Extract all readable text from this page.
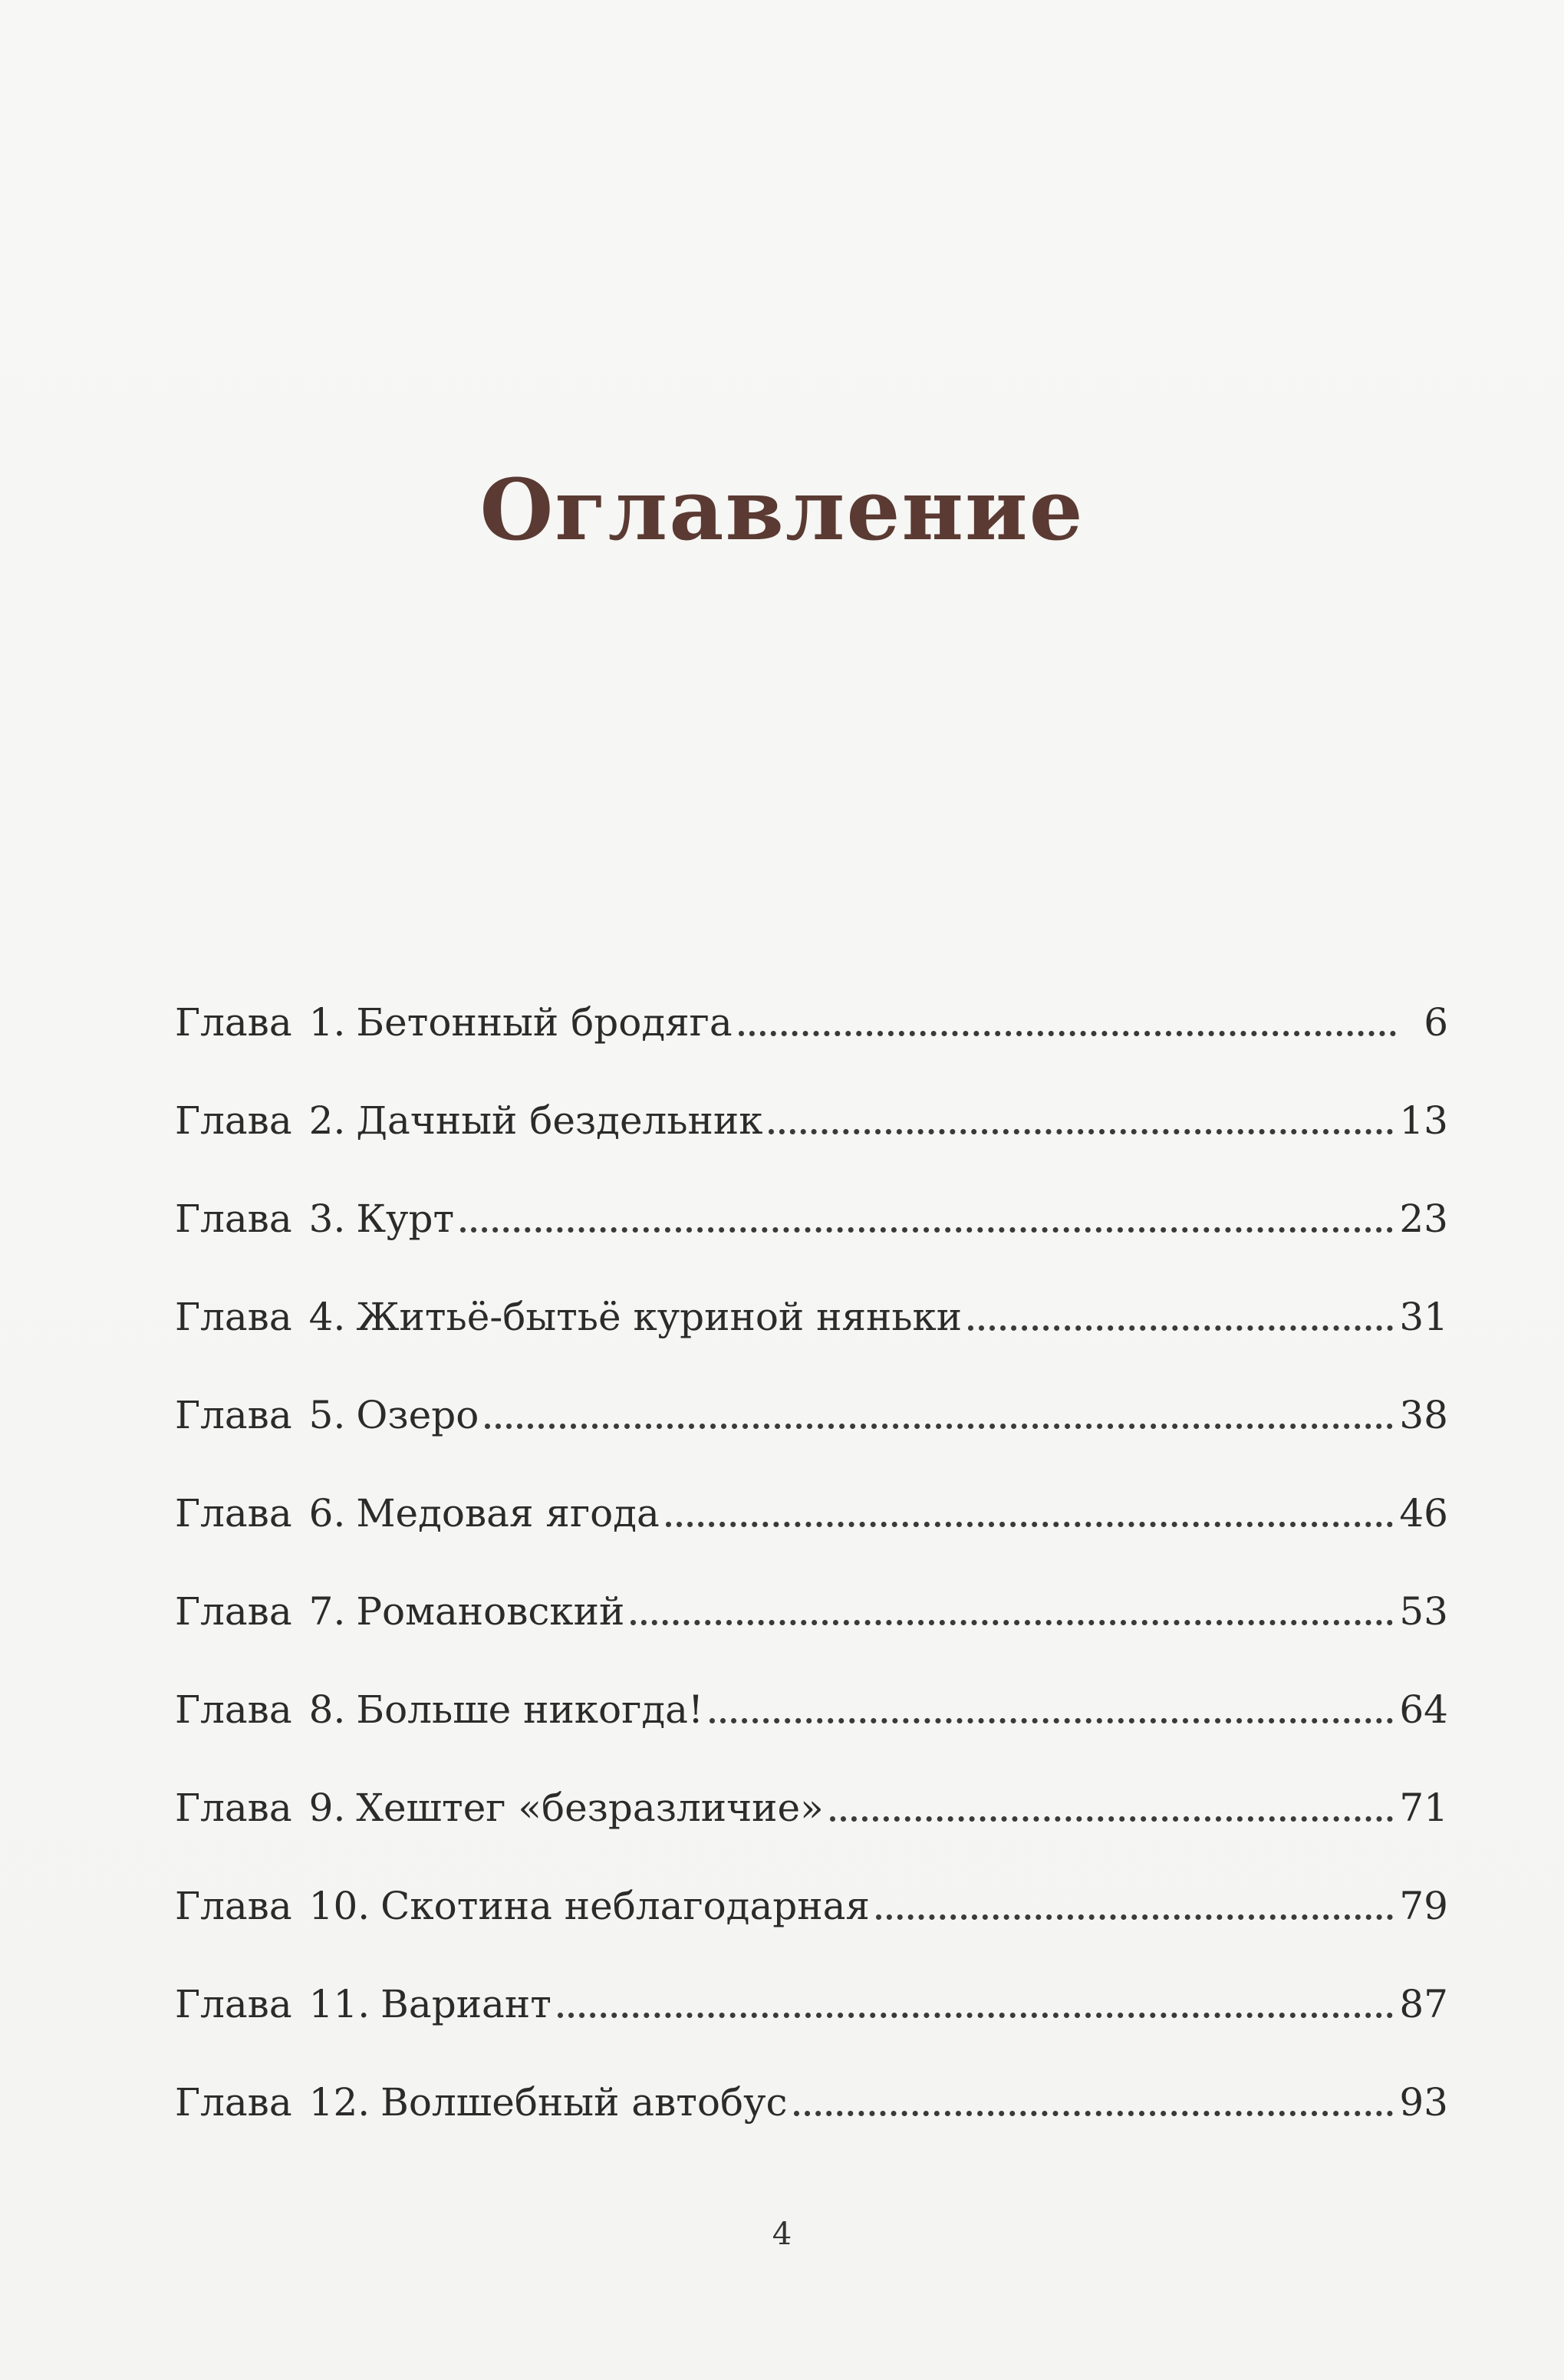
Оглавление
Глава 1. Бетонный бродяга	6
Глава 2. Дачный бездельник	13
Глава 3. Курт	23
Глава 4. Житьё-бытьё куриной няньки	31
Глава 5. Озеро	38
Глава 6. Медовая ягода	46
Глава 7. Романовский	53
Глава 8. Больше никогда!	64
Глава 9. Хештег «безразличие»	71
Глава 10. Скотина неблагодарная	79
Глава 11. Вариант	87
Глава 12. Волшебный автобус	93
4
